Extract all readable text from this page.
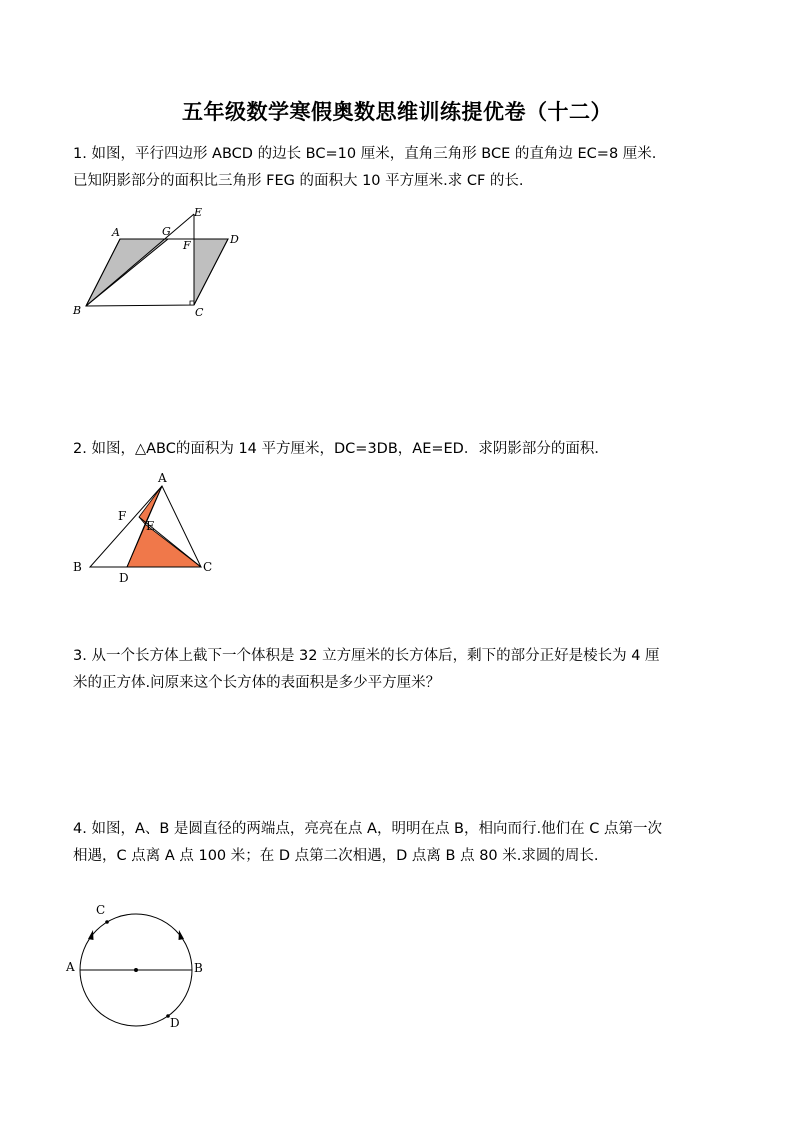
五年级数学寒假奥数思维训练提优卷（十二）
1. 如图，平行四边形 ABCD 的边长 BC=10 厘米，直角三角形 BCE 的直角边 EC=8 厘米.
已知阴影部分的面积比三角形 FEG 的面积大 10 平方厘米.求 CF 的长.
A	G
E
F	D
B	C
2. 如图，△ABC的面积为 14 平方厘米，DC=3DB，AE=ED．求阴影部分的面积．
A
F
E
B
D
C
3. 从一个长方体上截下一个体积是 32 立方厘米的长方体后，剩下的部分正好是棱长为 4 厘
米的正方体.问原来这个长方体的表面积是多少平方厘米？
4. 如图，A、B 是圆直径的两端点，亮亮在点 A，明明在点 B，相向而行.他们在 C 点第一次
相遇，C 点离 A 点 100 米；在 D 点第二次相遇，D 点离 B 点 80 米.求圆的周长.
C
A	B
D
